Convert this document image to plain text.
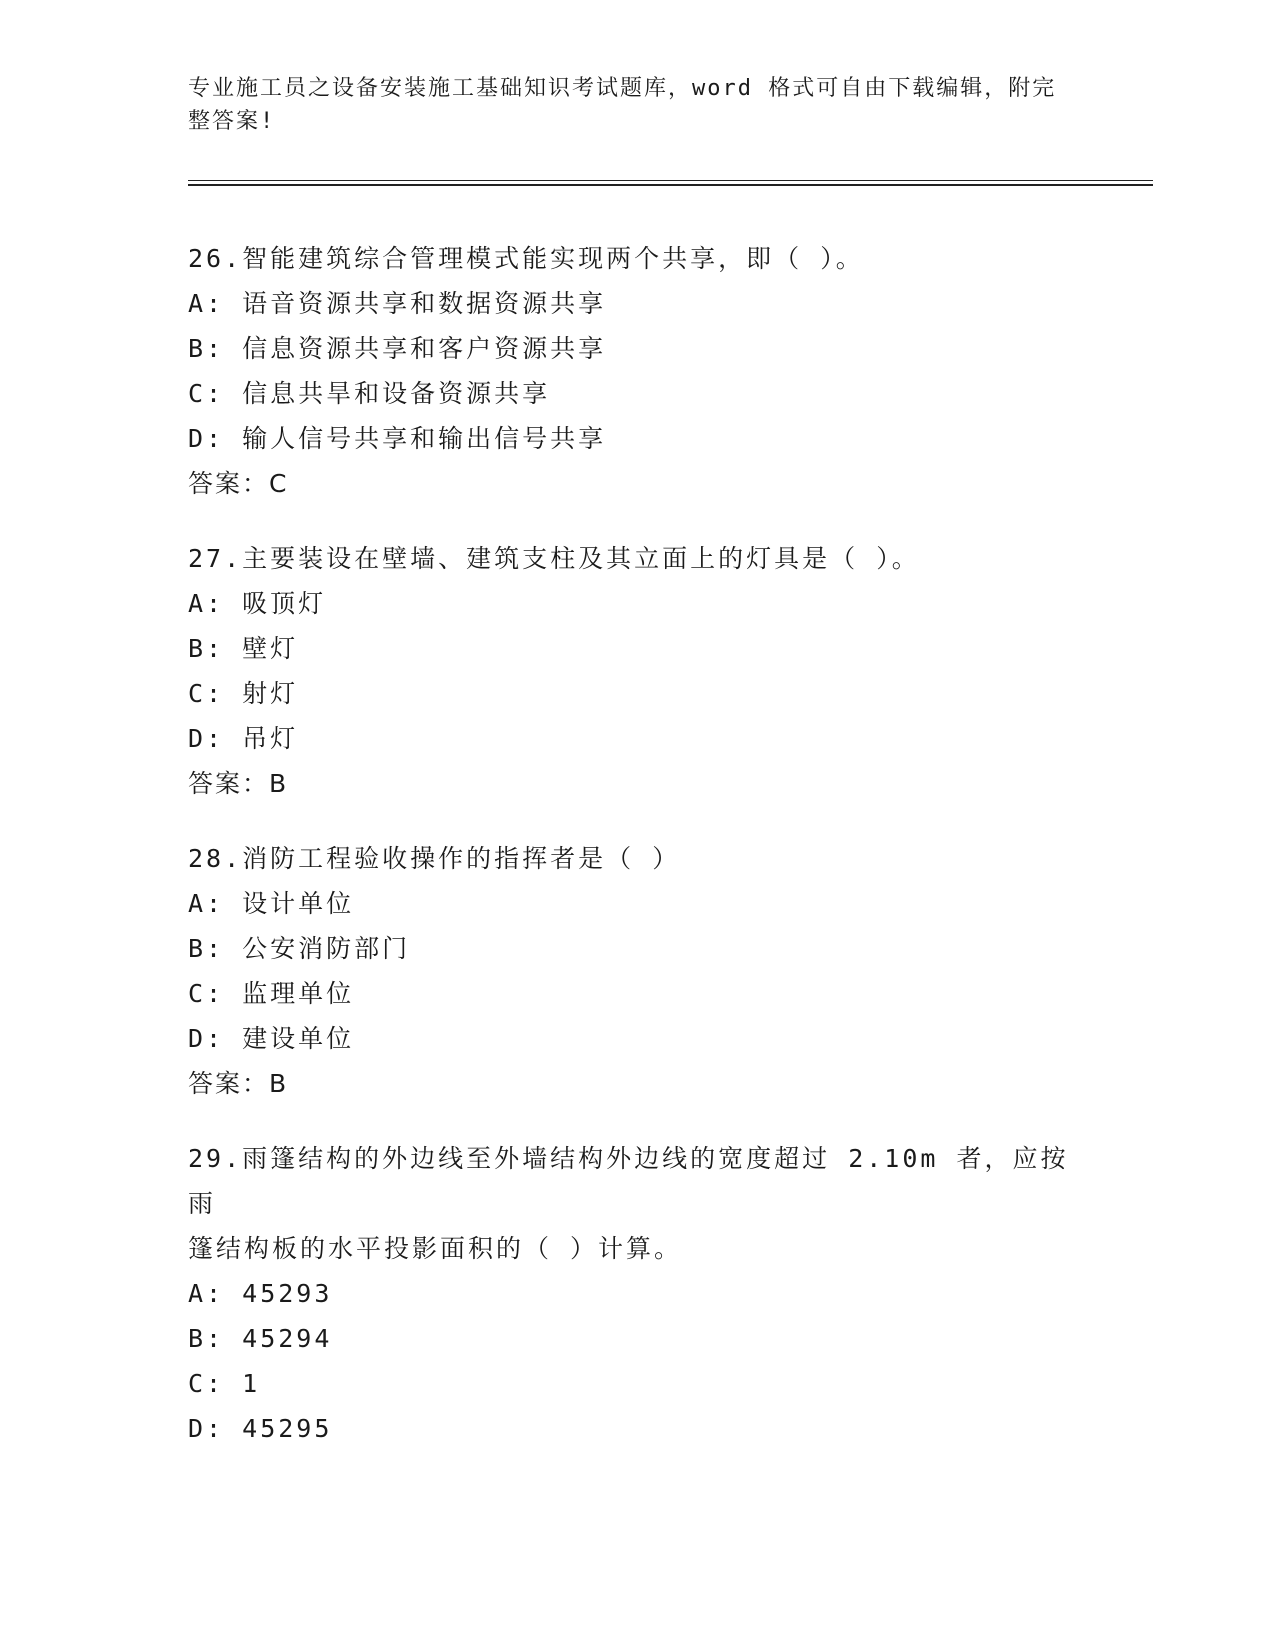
专业施工员之设备安装施工基础知识考试题库，word 格式可自由下载编辑，附完
整答案!
26.智能建筑综合管理模式能实现两个共享，即（ ）。
A: 语音资源共享和数据资源共享
B: 信息资源共享和客户资源共享
C: 信息共旱和设备资源共享
D: 输人信号共享和输出信号共享
答案：C
27.主要装设在壁墙、建筑支柱及其立面上的灯具是（ ）。
A: 吸顶灯
B: 壁灯
C: 射灯
D: 吊灯
答案：B
28.消防工程验收操作的指挥者是（ ）
A: 设计单位
B: 公安消防部门
C: 监理单位
D: 建设单位
答案：B
29.雨篷结构的外边线至外墙结构外边线的宽度超过 2.10m 者，应按雨
篷结构板的水平投影面积的（ ）计算。
A: 45293
B: 45294
C: 1
D: 45295
